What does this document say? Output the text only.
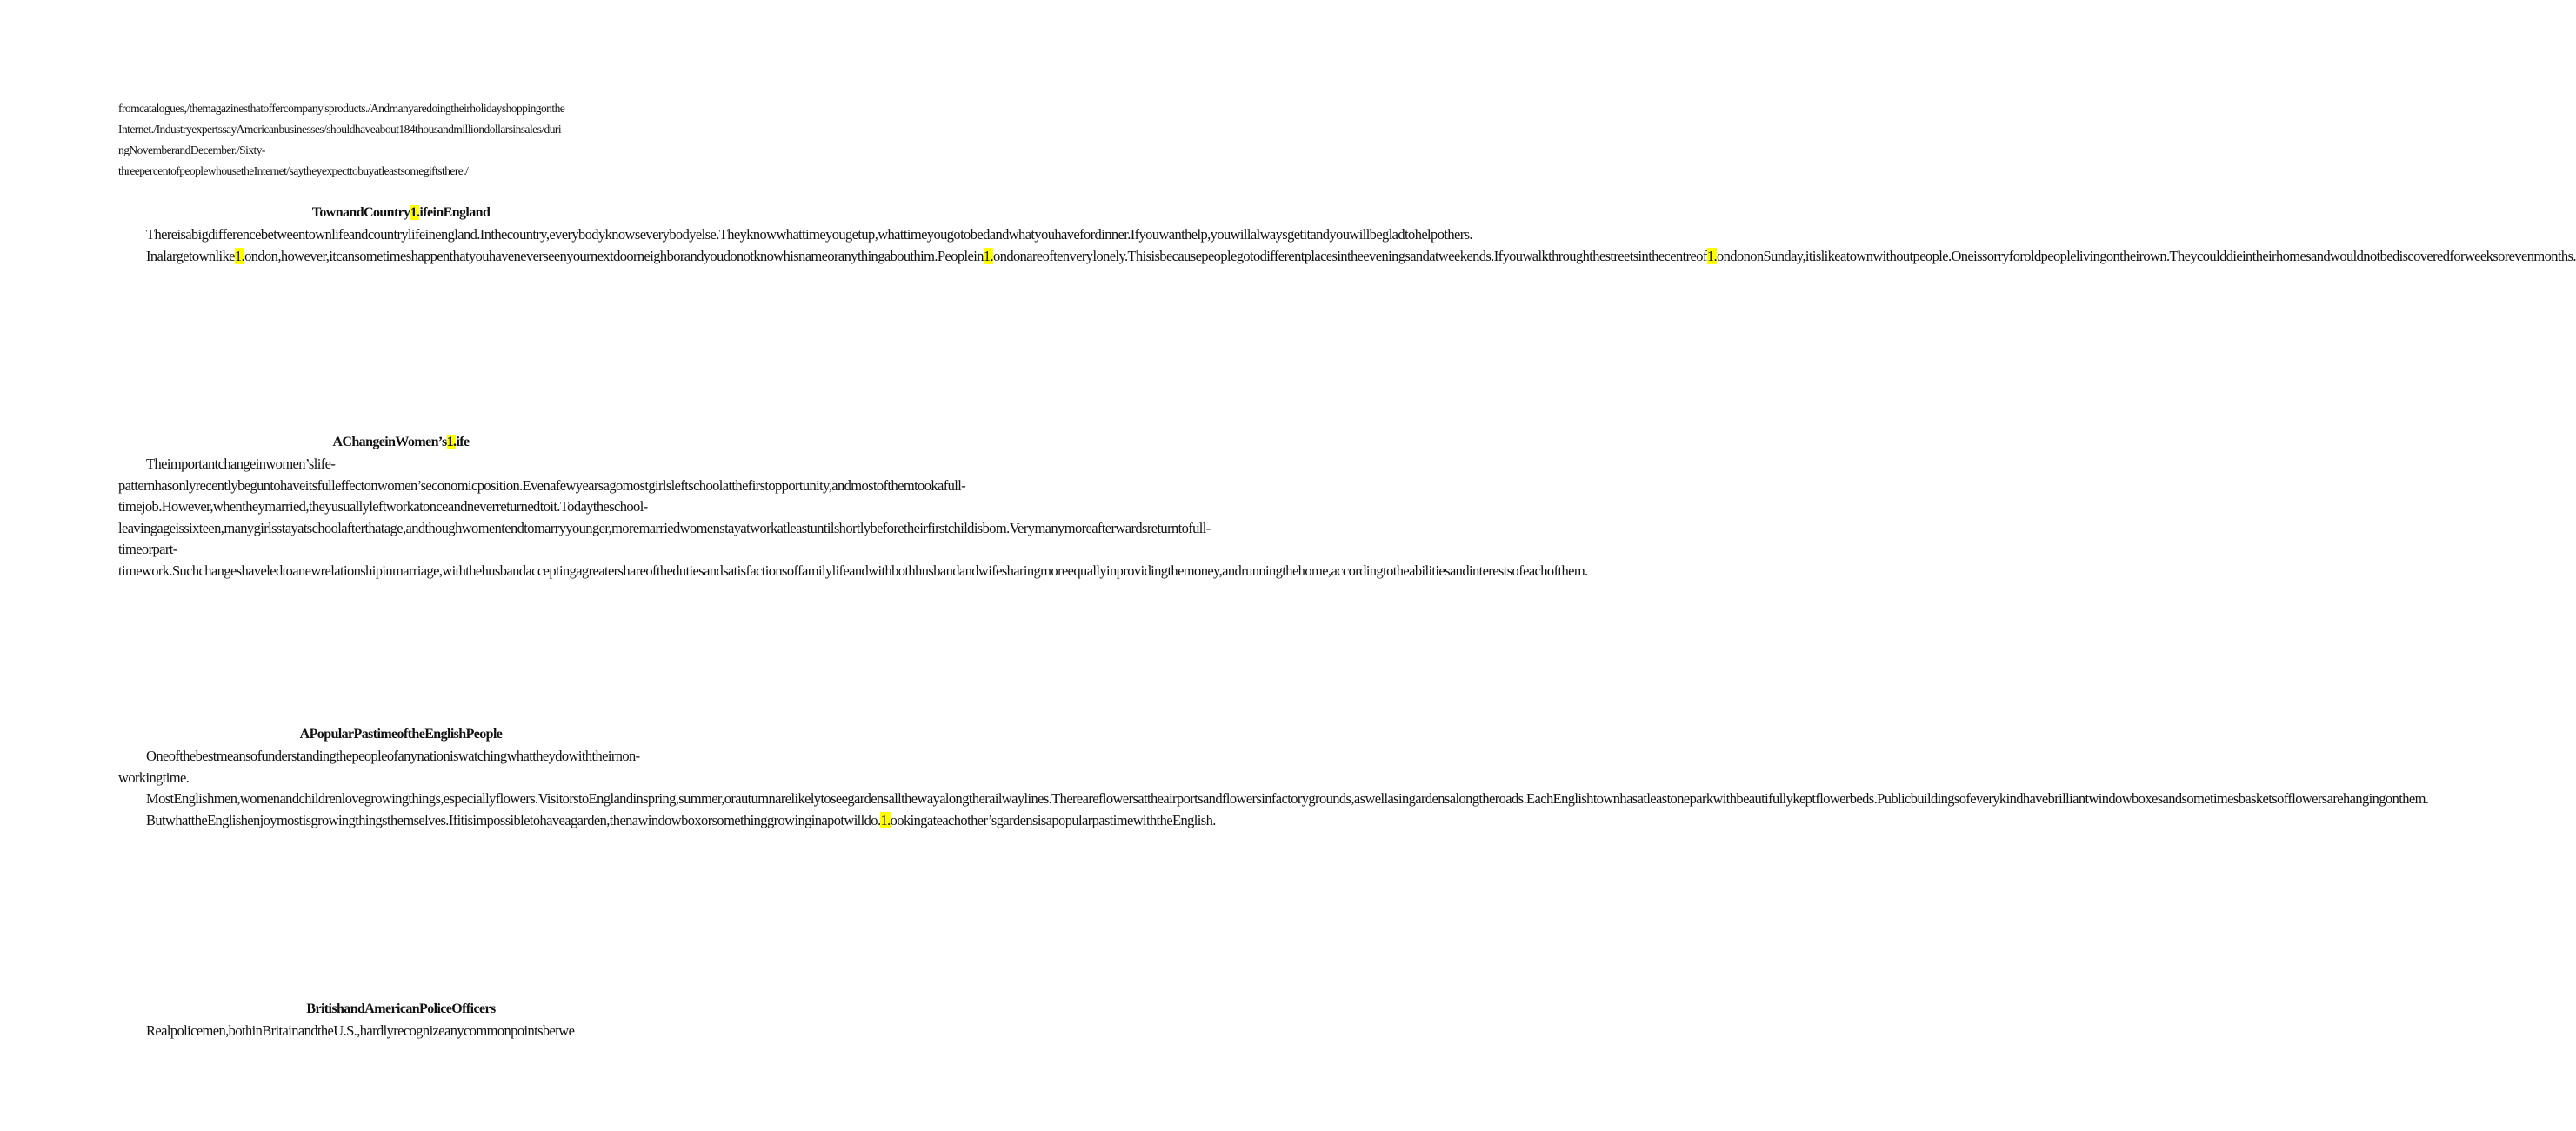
fromcatalogues,/themagazinesthatoffercompany'sproducts./Andmanyaredoingtheirholidayshoppingonthe

Internet./IndustryexpertssayAmericanbusinesses/shouldhaveabout184thousandmilliondollarsinsales/duri

ngNovemberandDecember./Sixty-

threepercentofpeoplewhousetheInternet/saytheyexpecttobuyatleastsomegiftsthere./

TownandCountry1.ifeinEngland

Thereisabigdifferencebetweentownlifeandcountrylifeinengland.Inthecountry,everybodyknowseverybodyelse.Theyknowwhattimeyougetup,whattimeyougotobedandwhatyouhavefordinner.Ifyouwanthelp,youwillalwaysgetitandyouwillbegladtohelpothers.

Inalargetownlike1.ondon,however,itcansometimeshappenthatyouhaveneverseenyournextdoorneighborandyoudonotknowhisnameoranythingabouthim.Peoplein1.ondonareoftenverylonely.Thisisbecausepeoplegotodifferentplacesintheeveningsandatweekends.Ifyouwalkthroughthestreetsinthecentreof1.ondononSunday,itislikeatownwithoutpeople.Oneissorryforoldpeoplelivingontheirown.Theycoulddieintheirhomesandwouldnotbediscoveredforweeksorevenmonths.

AChangeinWomen’s1.ife

Theimportantchangeinwomen’slife-patternhasonlyrecentlybeguntohaveitsfulleffectonwomen’seconomicposition.Evenafewyearsagomostgirlsleftschoolatthefirstopportunity,andmostofthemtookafull-timejob.However,whentheymarried,theyusuallyleftworkatonceandneverreturnedtoit.Todaytheschool-leavingageissixteen,manygirlsstayatschoolafterthatage,andthoughwomentendtomarryyounger,moremarriedwomenstayatworkatleastuntilshortlybeforetheirfirstchildisbom.Verymanymoreafterwardsreturntofull-timeorpart-timework.Suchchangeshaveledtoanewrelationshipinmarriage,withthehusbandacceptingagreatershareofthedutiesandsatisfactionsoffamilylifeandwithbothhusbandandwifesharingmoreequallyinprovidingthemoney,andrunningthehome,accordingtotheabilitiesandinterestsofeachofthem.

APopularPastimeoftheEnglishPeople

Oneofthebestmeansofunderstandingthepeopleofanynationiswatchingwhattheydowiththeirnon-workingtime.

MostEnglishmen,womenandchildrenlovegrowingthings,especiallyflowers.VisitorstoEnglandinspring,summer,orautumnarelikelytoseegardensallthewayalongtherailwaylines.Thereareflowersattheairportsandflowersinfactorygrounds,aswellasingardensalongtheroads.EachEnglishtownhasatleastoneparkwithbeautifullykeptflowerbeds.Publicbuildingsofeverykindhavebrilliantwindowboxesandsometimesbasketsofflowersarehangingonthem.

ButwhattheEnglishenjoymostisgrowingthingsthemselves.Ifitisimpossibletohaveagarden,thenawindowboxorsomethinggrowinginapotwilldo.1.ookingateachother’sgardensisapopularpastimewiththeEnglish.

BritishandAmericanPoliceOfficers

Realpolicemen,bothinBritainandtheU.S.,hardlyrecognizeanycommonpointsbetwe
